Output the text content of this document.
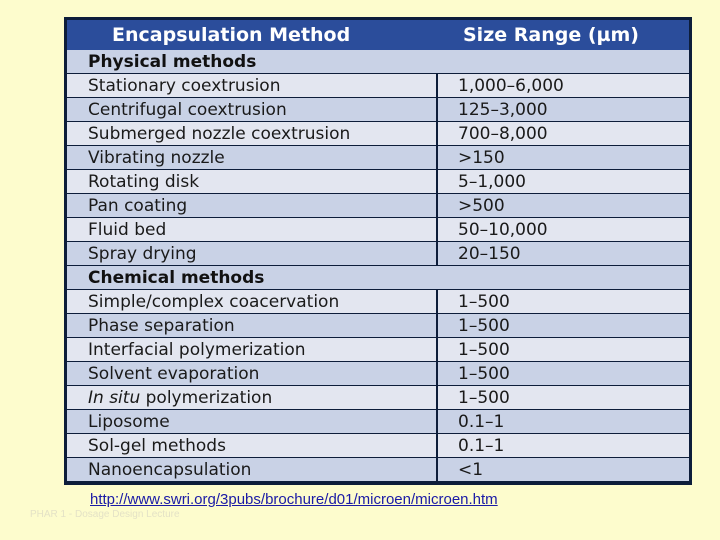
Encapsulation Method	Size Range (µm)
Physical methods	
Stationary coextrusion	1,000–6,000
Centrifugal coextrusion	125–3,000
Submerged nozzle coextrusion	700–8,000
Vibrating nozzle	>150
Rotating disk	5–1,000
Pan coating	>500
Fluid bed	50–10,000
Spray drying	20–150
Chemical methods	
Simple/complex coacervation	1–500
Phase separation	1–500
Interfacial polymerization	1–500
Solvent evaporation	1–500
In situ polymerization	1–500
Liposome	0.1–1
Sol-gel methods	0.1–1
Nanoencapsulation	<1
http://www.swri.org/3pubs/brochure/d01/microen/microen.htm
PHAR 1 - Dosage Design Lecture
